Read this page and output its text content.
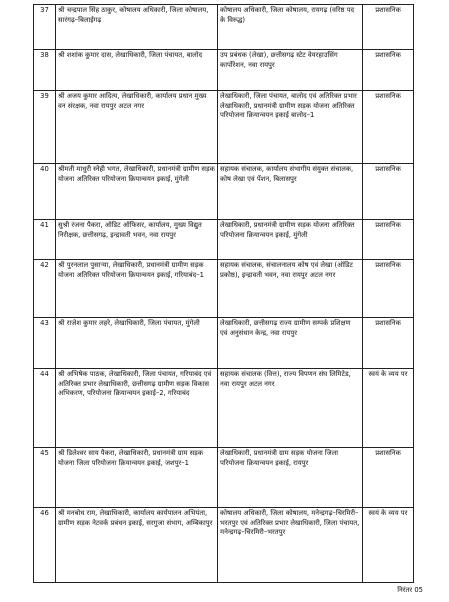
37	श्री चन्द्रपाल सिंह ठाकुर, कोषालय अधिकारी, जिला कोषालय, सारंगढ़–बिलाईगढ़	कोषालय अधिकारी, जिला कोषालय, रायगढ़ (वरिष्ठ पद के विरुद्ध)	प्रशासनिक
38	श्री शशांक कुमार दास, लेखाधिकारी, जिला पंचायत, बालोद	उप प्रबंधक (लेखा), छत्तीसगढ़ स्टेट वेयरहाउसिंग कार्पोरेशन, नवा रायपुर	प्रशासनिक
39	श्री अजय कुमार आदित्य, लेखाधिकारी, कार्यालय प्रधान मुख्य वन संरक्षक, नवा रायपुर अटल नगर	लेखाधिकारी, जिला पंचायत, बालोद एवं अतिरिक्त प्रभार लेखाधिकारी, प्रधानमंत्री ग्रामीण सड़क योजना अतिरिक्त परियोजना क्रियान्वयन इकाई बालोद–1	प्रशासनिक
40	श्रीमती माधुरी स्नेही भगत, लेखाधिकारी, प्रधानमंत्री ग्रामीण सड़क योजना अतिरिक्त परियोजना क्रियान्वयन इकाई, मुंगेली	सहायक संचालक, कार्यालय संभागीय संयुक्त संचालक, कोष लेखा एवं पेंशन, बिलासपुर	प्रशासनिक
41	सुश्री रंजना पैकरा, ऑडिट ऑफिसर, कार्यालय, मुख्य विद्युत निरीक्षक, छत्तीसगढ़, इन्द्रावती भवन, नवा रायपुर	लेखाधिकारी, प्रधानमंत्री ग्रामीण सड़क योजना अतिरिक्त परियोजना क्रियान्वयन इकाई, मुंगेली	प्रशासनिक
42	श्री पुरनलाल पुसाऱ्या, लेखाधिकारी, प्रधानमंत्री ग्रामीण सड़क योजना अतिरिक्त परियोजना क्रियान्वयन इकाई, गरियाबंद–1	सहायक संचालक, संचालनालय कोष एवं लेखा (ऑडिट प्रकोष्ठ), इन्द्रावती भवन, नवा रायपुर अटल नगर	प्रशासनिक
43	श्री राजेश कुमार लहरे, लेखाधिकारी, जिला पंचायत, मुंगेली	लेखाधिकारी, छत्तीसगढ़ राज्य ग्रामीण सम्पर्क प्रशिक्षण एवं अनुसंधान केन्द्र, नवा रायपुर	प्रशासनिक
44	श्री अभिषेक पाठक, लेखाधिकारी, जिला पंचायत, गरियाबंद एवं अतिरिक्त प्रभार लेखाधिकारी, छत्तीसगढ़ ग्रामीण सड़क विकास अभिकरण, परियोजना क्रियान्वयन इकाई–2, गरियाबंद	सहायक संचालक (वित्त), राज्य विपणन संघ लिमिटेड, नवा रायपुर अटल नगर	स्वयं के व्यय पर
45	श्री डिलेश्वर साय पैकरा, लेखाधिकारी, प्रधानमंत्री ग्राम सड़क योजना जिला परियोजना क्रियान्वयन इकाई, जशपुर–1	लेखाधिकारी, प्रधानमंत्री ग्राम सड़क योजना जिला परियोजना क्रियान्वयन इकाई, रायपुर	प्रशासनिक
46	श्री मनबोध राम, लेखाधिकारी, कार्यालय कार्यपालन अभियंता, ग्रामीण सड़क नेटवर्क प्रबंधन इकाई, सरगुजा संभाग, अम्बिकापुर	कोषालय अधिकारी, जिला कोषालय, मनेन्द्रगढ़–चिरमिरी–भरतपुर एवं अतिरिक्त प्रभार लेखाधिकारी, जिला पंचायत, मनेन्द्रगढ़–चिरमिरी–भरतपुर	स्वयं के व्यय पर
निरंतर 05
